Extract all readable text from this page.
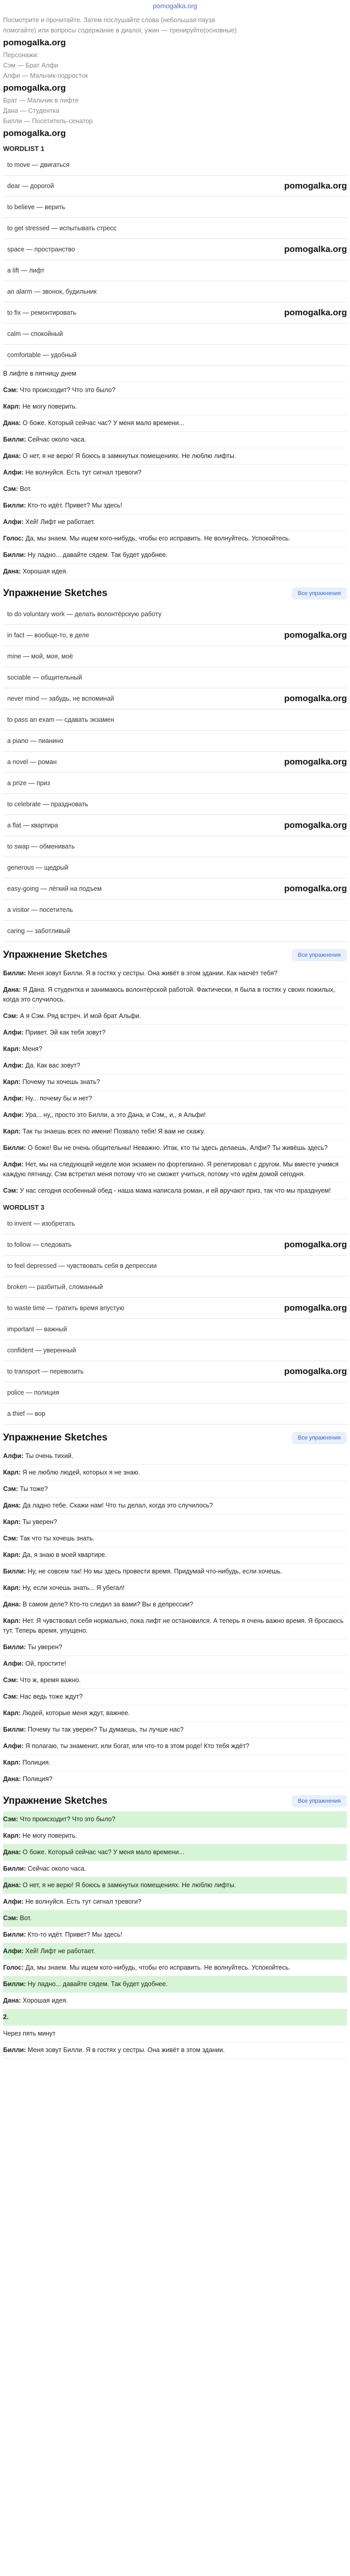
pomogalka.org
Посмотрите и прочитайте. Затем послушайте слова (небольшая пауза
помогайте) или вопросы содержание в диалог, ужин — тренируйте(основные)
pomogalka.org
Персонажи:
Сэм — Брат Алфи
Алфи — Мальчик-подросток
pomogalka.org
Брат — Мальчик в лифте
Дана — Студентка
Билли — Посетитель-сенатор
pomogalka.org
WORDLIST 1
to move — двигаться
dear — дорогой	pomogalka.org
to believe — верить
to get stressed — испытывать стресс
space — пространство	pomogalka.org
a lift — лифт
an alarm — звонок, будильник
to fix — ремонтировать	pomogalka.org
calm — спокойный
comfortable — удобный
В лифте в пятницу днем
Сэм: Что происходит? Что это было?
Карл: Не могу поверить.
Дана: О боже. Который сейчас час? У меня мало времени...
Билли: Сейчас около часа.
Дана: О нет, я не верю! Я боюсь в замкнутых помещениях. Не люблю лифты.
Алфи: Не волнуйся. Есть тут сигнал тревоги?
Сэм: Вот.
Билли: Кто-то идёт. Привет? Мы здесь!
Алфи: Хей! Лифт не работает.
Голос: Да, мы знаем. Мы ищем кого-нибудь, чтобы его исправить. Не волнуйтесь. Успокойтесь.
Билли: Ну ладно... давайте сядем. Так будет удобнее.
Дана: Хорошая идея.
Упражнение Sketches	Все упражнения
to do voluntary work — делать волонтёрскую работу
in fact — вообще-то, в деле	pomogalka.org
mine — мой, моя, моё
sociable — общительный
never mind — забудь, не вспоминай	pomogalka.org
to pass an exam — сдавать экзамен
a piano — пианино
a novel — роман	pomogalka.org
a prize — приз
to celebrate — праздновать
a flat — квартира	pomogalka.org
to swap — обменивать
generous — щедрый
easy-going — лёгкий на подъем	pomogalka.org
a visitor — посетитель
caring — заботливый
Упражнение Sketches	Все упражнения
Билли: Меня зовут Билли. Я в гостях у сестры. Она живёт в этом здании. Как насчёт тебя?
Дана: Я Дана. Я студентка и занимаюсь волонтёрской работой. Фактически, я была в гостях у своих пожилых, когда это случилось.
Сэм: А я Сэм. Ряд встреч. И мой брат Альфи.
Алфи: Привет. Эй как тебя зовут?
Карл: Меня?
Алфи: Да. Как вас зовут?
Карл: Почему ты хочешь знать?
Алфи: Ну... почему бы и нет?
Алфи: Ура... ну,, просто это Билли, а это Дана, и Сэм,, и,, я Альфи!
Карл: Так ты знаешь всех по имени! Позвало тебя! Я вам не скажу.
Билли: О боже! Вы не очень общительны! Неважно. Итак, кто ты здесь делаешь, Алфи? Ты живёшь здесь?
Алфи: Нет, мы на следующей неделе мои экзамен по фортепиано. Я репетировал с другом. Мы вместе учимся каждую пятницу. Сэм встретил меня потому что не сможет учиться, потому что идём домой сегодня.
Сэм: У нас сегодня особенный обед - наша мама написала роман, и ей вручают приз, так что мы празднуем!
WORDLIST 3
to invent — изобретать
to follow — следовать	pomogalka.org
to feel depressed — чувствовать себя в депрессии
broken — разбитый, сломанный
to waste time — тратить время впустую	pomogalka.org
important — важный
confident — уверенный
to transport — перевозить	pomogalka.org
police — полиция
a thief — вор
Упражнение Sketches	Все упражнения
Алфи: Ты очень тихий.
Карл: Я не люблю людей, которых я не знаю.
Сэм: Ты тоже?
Дана: Да ладно тебе. Скажи нам! Что ты делал, когда это случилось?
Карл: Ты уверен?
Сэм: Так что ты хочешь знать.
Карл: Да, я знаю в моей квартире.
Билли: Ну, не совсем так! Но мы здесь провести время. Придумай что-нибудь, если хочешь.
Карл: Ну, если хочешь знать... Я убегал!
Дана: В самом деле? Кто-то следил за вами? Вы в депрессии?
Карл: Нет. Я чувствовал себя нормально, пока лифт не остановился. А теперь я очень важно время. Я бросаюсь тут. Теперь время, упущено.
Билли: Ты уверен?
Алфи: Ой, простите!
Сэм: Что ж, время важно.
Сэм: Нас ведь тоже ждут?
Карл: Людей, которые меня ждут, важнее.
Билли: Почему ты так уверен? Ты думаешь, ты лучше нас?
Алфи: Я полагаю, ты знаменит, или богат, или что-то в этом роде! Кто тебя ждёт?
Карл: Полиция.
Дана: Полиция?
Упражнение Sketches	Все упражнения
Сэм: Что происходит? Что это было?
Карл: Не могу поверить.
Дана: О боже. Который сейчас час? У меня мало времени...
Билли: Сейчас около часа.
Дана: О нет, я не верю! Я боюсь в замкнутых помещениях. Не люблю лифты.
Алфи: Не волнуйся. Есть тут сигнал тревоги?
Сэм: Вот.
Билли: Кто-то идёт. Привет? Мы здесь!
Алфи: Хей! Лифт не работает.
Голос: Да, мы знаем. Мы ищем кого-нибудь, чтобы его исправить. Не волнуйтесь. Успокойтесь.
Билли: Ну ладно... давайте сядем. Так будет удобнее.
Дана: Хорошая идея.
2.
Через пять минут
Билли: Меня зовут Билли. Я в гостях у сестры. Она живёт в этом здании.
